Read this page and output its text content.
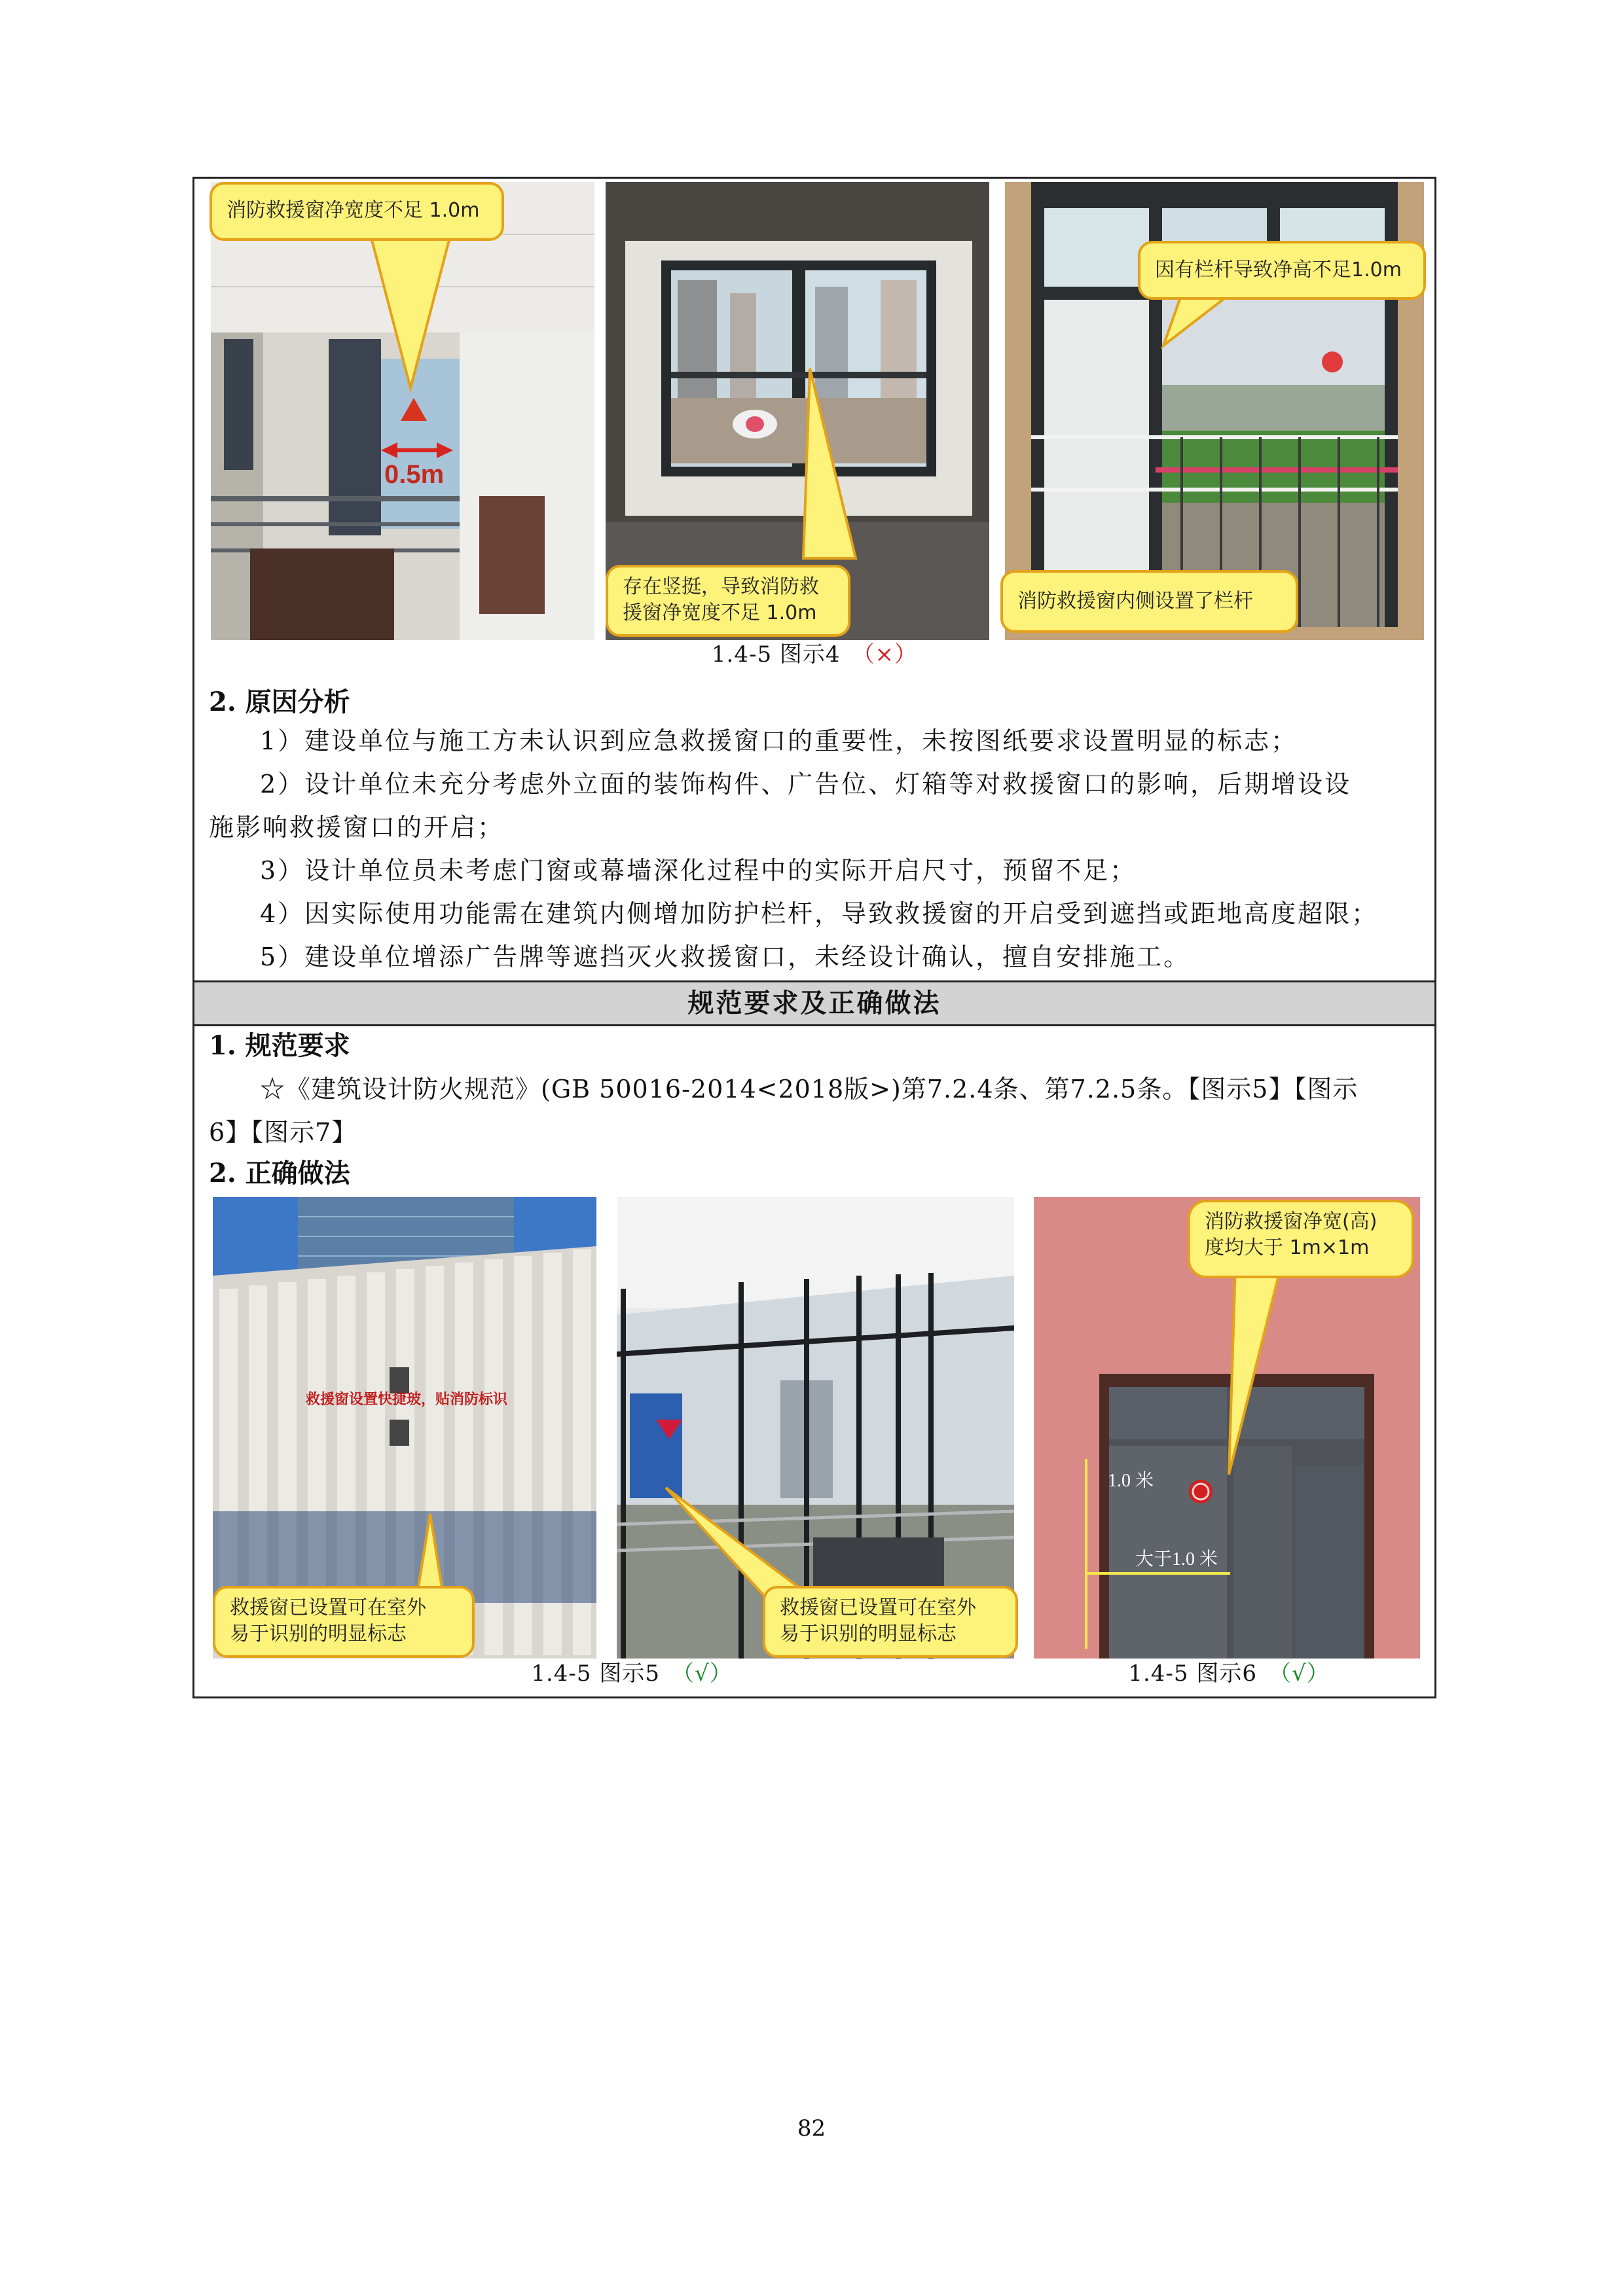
0.5m
消防救援窗净宽度不足 1.0m
存在竖挺，导致消防救
援窗净宽度不足 1.0m
因有栏杆导致净高不足1.0m
消防救援窗内侧设置了栏杆
1.4-5 图示4 （×）
2. 原因分析
1）建设单位与施工方未认识到应急救援窗口的重要性，未按图纸要求设置明显的标志；
2）设计单位未充分考虑外立面的装饰构件、广告位、灯箱等对救援窗口的影响，后期增设设
施影响救援窗口的开启；
3）设计单位员未考虑门窗或幕墙深化过程中的实际开启尺寸，预留不足；
4）因实际使用功能需在建筑内侧增加防护栏杆，导致救援窗的开启受到遮挡或距地高度超限；
5）建设单位增添广告牌等遮挡灭火救援窗口，未经设计确认，擅自安排施工。
规范要求及正确做法
1. 规范要求
☆《建筑设计防火规范》(GB 50016-2014<2018版>)第7.2.4条、第7.2.5条。【图示5】【图示
6】【图示7】
2. 正确做法
救援窗设置快捷玻，贴消防标识
1.0 米
大于1.0 米
救援窗已设置可在室外
易于识别的明显标志
救援窗已设置可在室外
易于识别的明显标志
消防救援窗净宽(高)
度均大于 1m×1m
1.4-5 图示5 （√）	1.4-5 图示6 （√）
82
